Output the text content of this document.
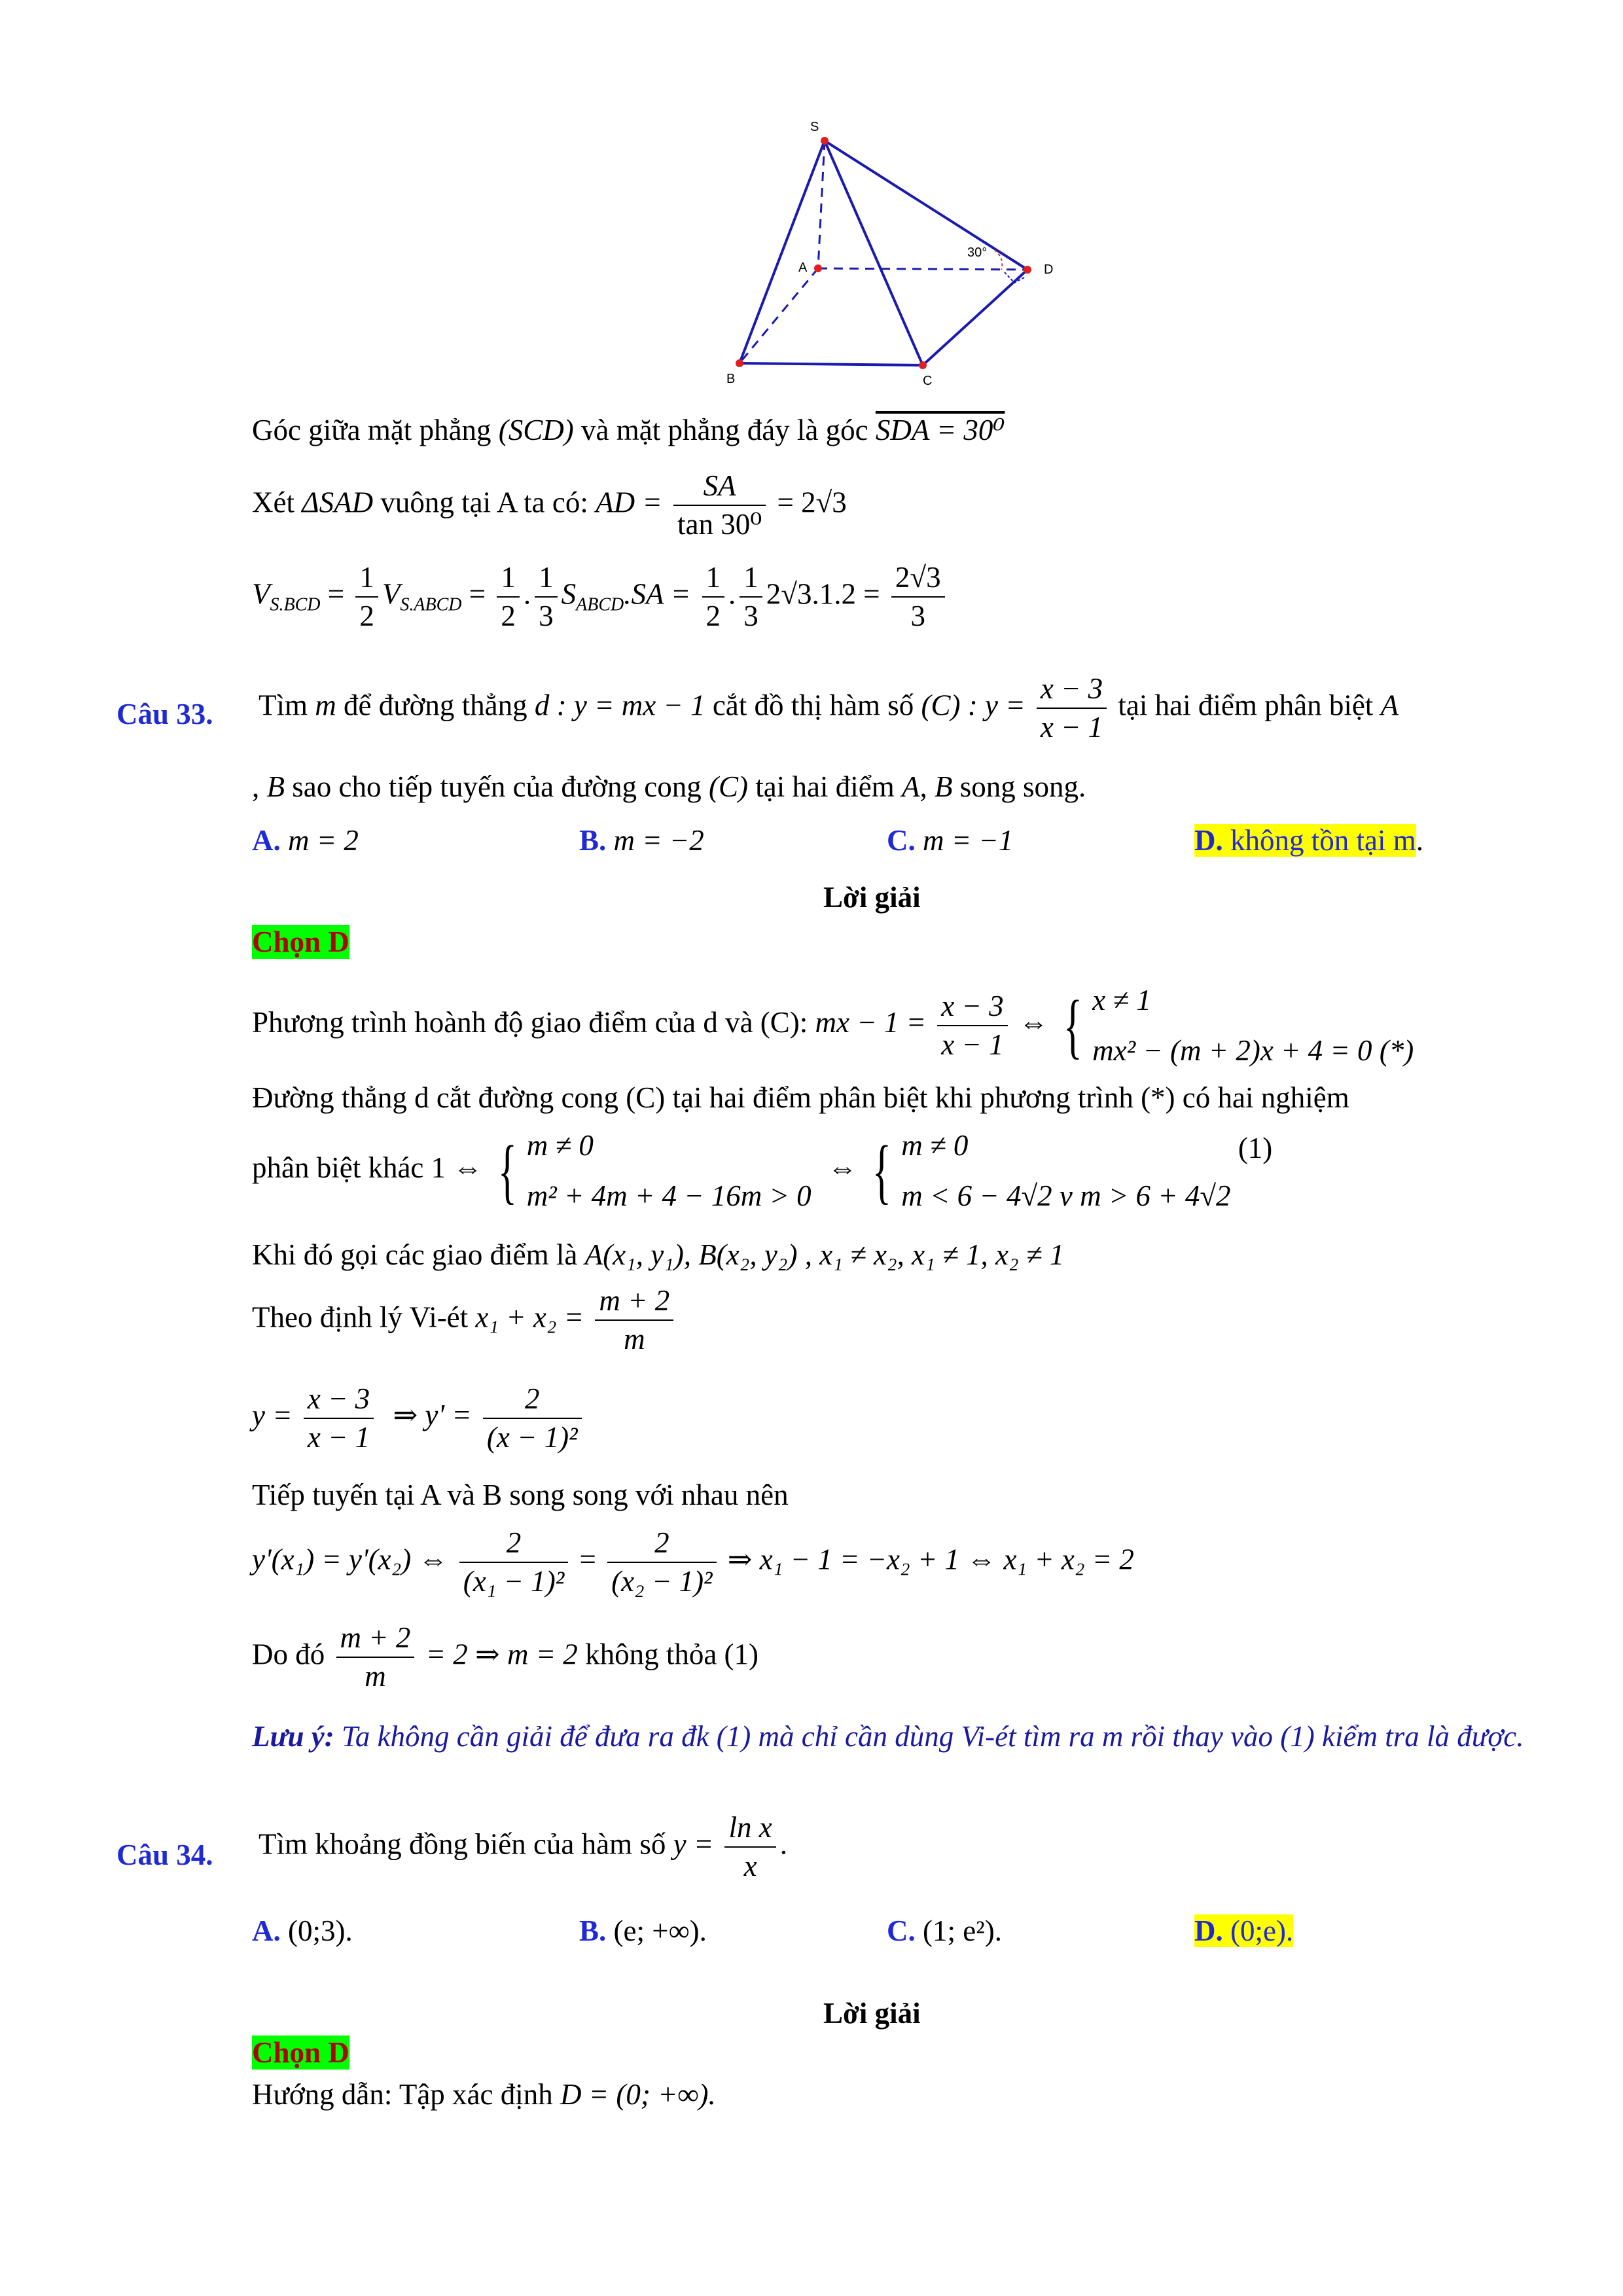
S
A
B	C
D
30°
Góc giữa mặt phẳng (SCD) và mặt phẳng đáy là góc SDA = 30⁰
Xét ΔSAD vuông tại A ta có: AD = $\frac{SA}{\text{tan 30⁰}} = 2√3$
$V_{S.BCD} = \frac{1}{2} V_{S.ABCD} = \frac{1}{2}$ . $\frac{1}{3} S_{ABCD}.SA = \frac{1}{2}$ . $\frac{1}{3} 2√3.1.2 = \frac{2√3}{3}$
Câu 33. Tìm m để đường thẳng d : y = mx − 1 cắt đồ thị hàm số (C) : $y = \frac{x - 3}{x - 1}$ tại hai điểm phân biệt A
, B sao cho tiếp tuyến của đường cong (C) tại hai điểm A, B song song.
A. m = 2	B. m = −2	C. m = −1	D. không tồn tại m.
Lời giải
Chọn D
Phương trình hoành độ giao điểm của d và (C): mx − $1 = \frac{x - 3}{x - 1}$ ⇔ { x ≠ 1
mx² − (m + 2)x + 4 = 0 (*)
Đường thẳng d cắt đường cong (C) tại hai điểm phân biệt khi phương trình (*) có hai nghiệm
phân biệt khác 1 ⇔ { m ≠ 0
m² + 4m + 4 − 16m > 0 ⇔ { m ≠ 0
m < 6 − 4√2 v m > 6 + 4√2 (1)
Khi đó gọi các giao điểm là A(x₁, y₁), B(x₂, y₂) , x₁ ≠ x₂, x₁ ≠ 1, x₂ ≠ 1
Theo định lý Vi-ét $x_1 + x_2 = \frac{m + 2}{m}$
$y = \frac{x - 3}{x - 1}$ ⇒ $y' = \frac{2}{\text{(x − 1)²}}$
Tiếp tuyến tại A và B song song với nhau nên
y'(x₁) = y'(x₂) ⇔ $\frac{2}{\text{(x₁ − 1)²}} = \frac{2}{\text{(x₂ − 1)²}}$ ⇒ x₁ − 1 = −x₂ + 1 ⇔ x₁ + x₂ = 2
Do đó $\frac{m + 2}{m} = 2$ ⇒ m = 2 không thỏa (1)
Lưu ý: Ta không cần giải để đưa ra đk (1) mà chỉ cần dùng Vi-ét tìm ra m rồi thay vào (1) kiểm tra là được.
Câu 34. Tìm khoảng đồng biến của hàm số $y = \frac{\text{ln x}}{x}$ .
A. (0;3).	B. (e; +∞).	C. (1; e²).	D. (0;e).
Lời giải
Chọn D
Hướng dẫn: Tập xác định D = (0; +∞).
